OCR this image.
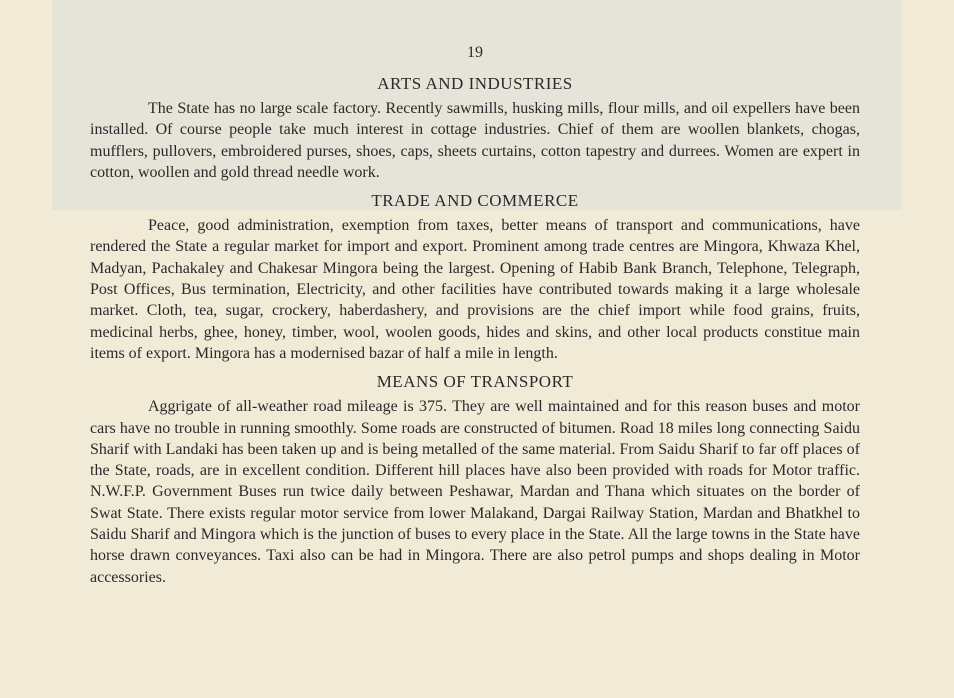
19
ARTS AND INDUSTRIES

The State has no large scale factory. Recently sawmills, husking mills, flour mills, and oil expellers have been installed. Of course people take much interest in cottage industries. Chief of them are woollen blankets, chogas, mufflers, pullovers, embroidered purses, shoes, caps, sheets curtains, cotton tapestry and durrees. Women are expert in cotton, woollen and gold thread needle work.

TRADE AND COMMERCE

Peace, good administration, exemption from taxes, better means of transport and communications, have rendered the State a regular market for import and export. Prominent among trade centres are Mingora, Khwaza Khel, Madyan, Pachakaley and Chakesar Mingora being the largest. Opening of Habib Bank Branch, Telephone, Telegraph, Post Offices, Bus termination, Electricity, and other facilities have contributed towards making it a large wholesale market. Cloth, tea, sugar, crockery, haberdashery, and provisions are the chief import while food grains, fruits, medicinal herbs, ghee, honey, timber, wool, woolen goods, hides and skins, and other local products constitue main items of export. Mingora has a modernised bazar of half a mile in length.

MEANS OF TRANSPORT

Aggrigate of all-weather road mileage is 375. They are well maintained and for this reason buses and motor cars have no trouble in running smoothly. Some roads are constructed of bitumen. Road 18 miles long connecting Saidu Sharif with Landaki has been taken up and is being metalled of the same material. From Saidu Sharif to far off places of the State, roads, are in excellent condition. Different hill places have also been provided with roads for Motor traffic. N.W.F.P. Government Buses run twice daily between Peshawar, Mardan and Thana which situates on the border of Swat State. There exists regular motor service from lower Malakand, Dargai Railway Station, Mardan and Bhatkhel to Saidu Sharif and Mingora which is the junction of buses to every place in the State. All the large towns in the State have horse drawn conveyances. Taxi also can be had in Mingora. There are also petrol pumps and shops dealing in Motor accessories.
